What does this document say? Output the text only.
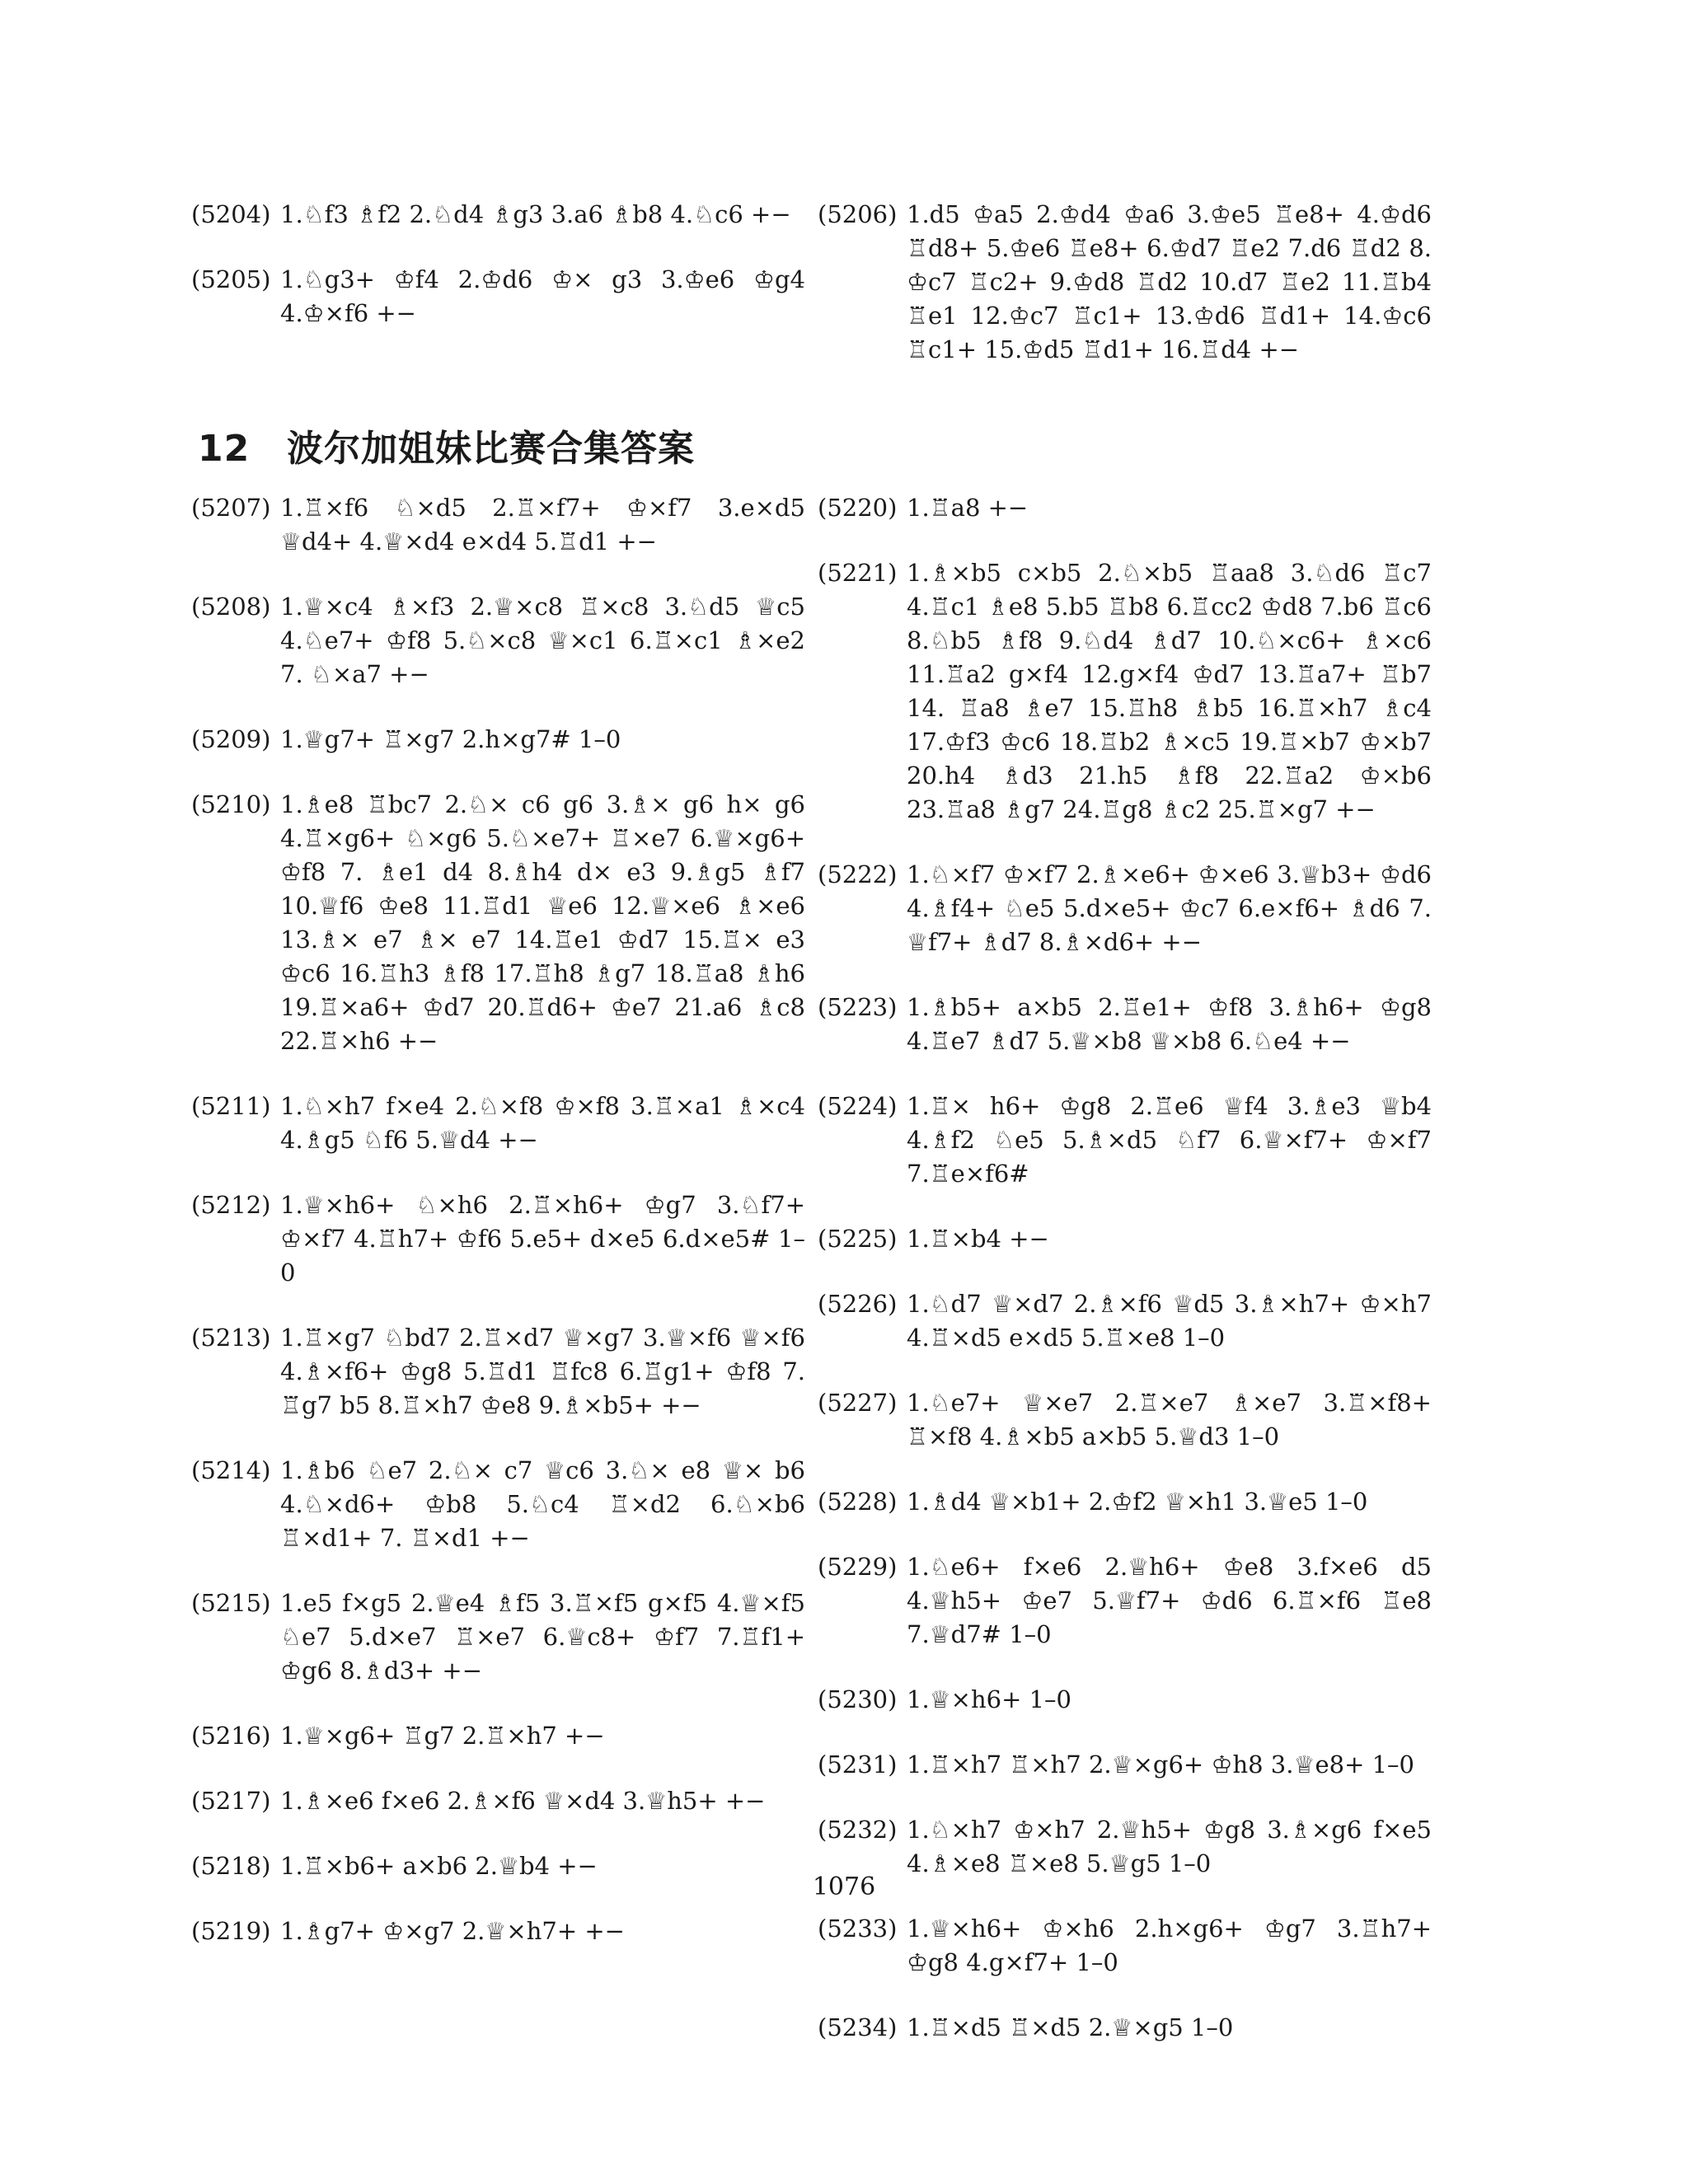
(5204) 1.♘f3 ♗f2 2.♘d4 ♗g3 3.a6 ♗b8 4.♘c6 +−
(5205) 1.♘g3+ ♔f4 2.♔d6 ♔× g3 3.♔e6 ♔g4 4.♔×f6 +−
(5206) 1.d5 ♔a5 2.♔d4 ♔a6 3.♔e5 ♖e8+ 4.♔d6 ♖d8+ 5.♔e6 ♖e8+ 6.♔d7 ♖e2 7.d6 ♖d2 8. ♔c7 ♖c2+ 9.♔d8 ♖d2 10.d7 ♖e2 11.♖b4 ♖e1 12.♔c7 ♖c1+ 13.♔d6 ♖d1+ 14.♔c6 ♖c1+ 15.♔d5 ♖d1+ 16.♖d4 +−
12 波尔加姐妹比赛合集答案
(5207) 1.♖×f6 ♘×d5 2.♖×f7+ ♔×f7 3.e×d5 ♕d4+ 4.♕×d4 e×d4 5.♖d1 +−
(5208) 1.♕×c4 ♗×f3 2.♕×c8 ♖×c8 3.♘d5 ♕c5 4.♘e7+ ♔f8 5.♘×c8 ♕×c1 6.♖×c1 ♗×e2 7. ♘×a7 +−
(5209) 1.♕g7+ ♖×g7 2.h×g7# 1–0
(5210) 1.♗e8 ♖bc7 2.♘× c6 g6 3.♗× g6 h× g6 4.♖×g6+ ♘×g6 5.♘×e7+ ♖×e7 6.♕×g6+ ♔f8 7. ♗e1 d4 8.♗h4 d× e3 9.♗g5 ♗f7 10.♕f6 ♔e8 11.♖d1 ♕e6 12.♕×e6 ♗×e6 13.♗× e7 ♗× e7 14.♖e1 ♔d7 15.♖× e3 ♔c6 16.♖h3 ♗f8 17.♖h8 ♗g7 18.♖a8 ♗h6 19.♖×a6+ ♔d7 20.♖d6+ ♔e7 21.a6 ♗c8 22.♖×h6 +−
(5211) 1.♘×h7 f×e4 2.♘×f8 ♔×f8 3.♖×a1 ♗×c4 4.♗g5 ♘f6 5.♕d4 +−
(5212) 1.♕×h6+ ♘×h6 2.♖×h6+ ♔g7 3.♘f7+ ♔×f7 4.♖h7+ ♔f6 5.e5+ d×e5 6.d×e5# 1–0
(5213) 1.♖×g7 ♘bd7 2.♖×d7 ♕×g7 3.♕×f6 ♕×f6 4.♗×f6+ ♔g8 5.♖d1 ♖fc8 6.♖g1+ ♔f8 7. ♖g7 b5 8.♖×h7 ♔e8 9.♗×b5+ +−
(5214) 1.♗b6 ♘e7 2.♘× c7 ♕c6 3.♘× e8 ♕× b6 4.♘×d6+ ♔b8 5.♘c4 ♖×d2 6.♘×b6 ♖×d1+ 7. ♖×d1 +−
(5215) 1.e5 f×g5 2.♕e4 ♗f5 3.♖×f5 g×f5 4.♕×f5 ♘e7 5.d×e7 ♖×e7 6.♕c8+ ♔f7 7.♖f1+ ♔g6 8.♗d3+ +−
(5216) 1.♕×g6+ ♖g7 2.♖×h7 +−
(5217) 1.♗×e6 f×e6 2.♗×f6 ♕×d4 3.♕h5+ +−
(5218) 1.♖×b6+ a×b6 2.♕b4 +−
(5219) 1.♗g7+ ♔×g7 2.♕×h7+ +−
(5220) 1.♖a8 +−
(5221) 1.♗×b5 c×b5 2.♘×b5 ♖aa8 3.♘d6 ♖c7 4.♖c1 ♗e8 5.b5 ♖b8 6.♖cc2 ♔d8 7.b6 ♖c6 8.♘b5 ♗f8 9.♘d4 ♗d7 10.♘×c6+ ♗×c6 11.♖a2 g×f4 12.g×f4 ♔d7 13.♖a7+ ♖b7 14. ♖a8 ♗e7 15.♖h8 ♗b5 16.♖×h7 ♗c4 17.♔f3 ♔c6 18.♖b2 ♗×c5 19.♖×b7 ♔×b7 20.h4 ♗d3 21.h5 ♗f8 22.♖a2 ♔×b6 23.♖a8 ♗g7 24.♖g8 ♗c2 25.♖×g7 +−
(5222) 1.♘×f7 ♔×f7 2.♗×e6+ ♔×e6 3.♕b3+ ♔d6 4.♗f4+ ♘e5 5.d×e5+ ♔c7 6.e×f6+ ♗d6 7. ♕f7+ ♗d7 8.♗×d6+ +−
(5223) 1.♗b5+ a×b5 2.♖e1+ ♔f8 3.♗h6+ ♔g8 4.♖e7 ♗d7 5.♕×b8 ♕×b8 6.♘e4 +−
(5224) 1.♖× h6+ ♔g8 2.♖e6 ♕f4 3.♗e3 ♕b4 4.♗f2 ♘e5 5.♗×d5 ♘f7 6.♕×f7+ ♔×f7 7.♖e×f6#
(5225) 1.♖×b4 +−
(5226) 1.♘d7 ♕×d7 2.♗×f6 ♕d5 3.♗×h7+ ♔×h7 4.♖×d5 e×d5 5.♖×e8 1–0
(5227) 1.♘e7+ ♕×e7 2.♖×e7 ♗×e7 3.♖×f8+ ♖×f8 4.♗×b5 a×b5 5.♕d3 1–0
(5228) 1.♗d4 ♕×b1+ 2.♔f2 ♕×h1 3.♕e5 1–0
(5229) 1.♘e6+ f×e6 2.♕h6+ ♔e8 3.f×e6 d5 4.♕h5+ ♔e7 5.♕f7+ ♔d6 6.♖×f6 ♖e8 7.♕d7# 1–0
(5230) 1.♕×h6+ 1–0
(5231) 1.♖×h7 ♖×h7 2.♕×g6+ ♔h8 3.♕e8+ 1–0
(5232) 1.♘×h7 ♔×h7 2.♕h5+ ♔g8 3.♗×g6 f×e5 4.♗×e8 ♖×e8 5.♕g5 1–0
(5233) 1.♕×h6+ ♔×h6 2.h×g6+ ♔g7 3.♖h7+ ♔g8 4.g×f7+ 1–0
(5234) 1.♖×d5 ♖×d5 2.♕×g5 1–0
1076
